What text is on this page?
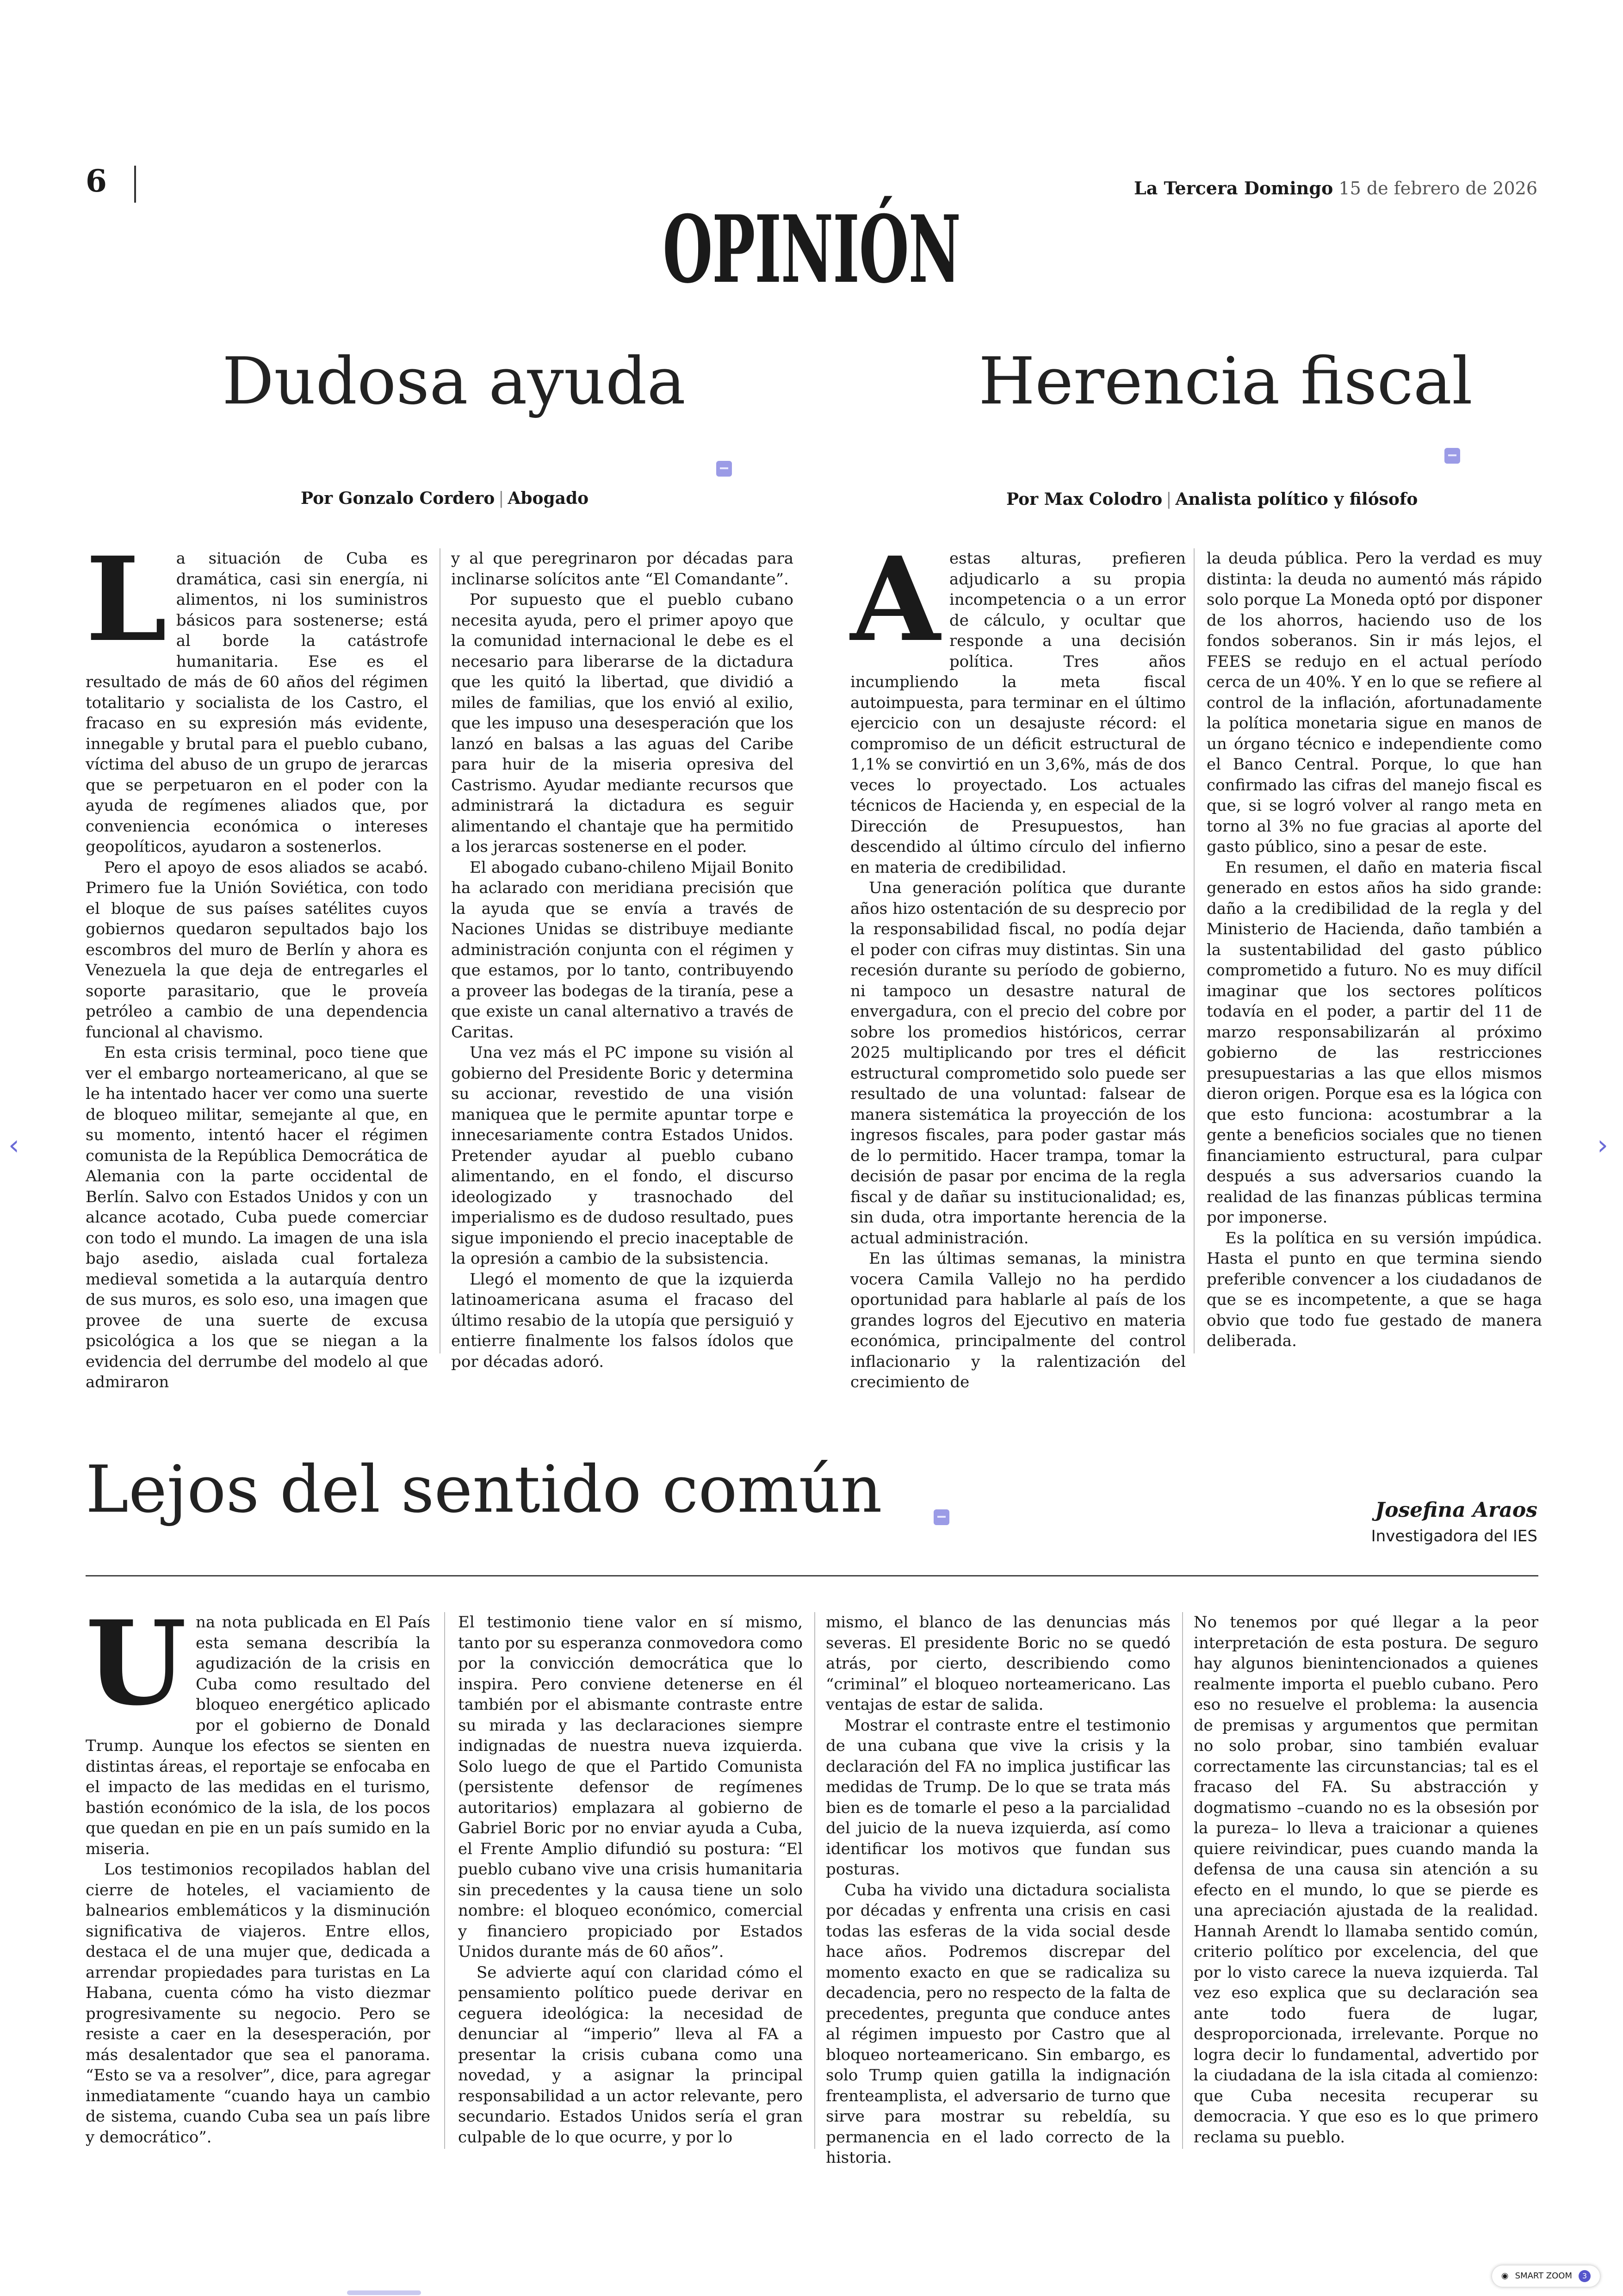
6	La Tercera Domingo 15 de febrero de 2026
OPINIÓN
Dudosa ayuda
Por Gonzalo Cordero | Abogado
L a situación de Cuba es dramática, casi sin energía, ni alimentos, ni los suministros básicos para sostenerse; está al borde la catástrofe humanitaria. Ese es el resultado de más de 60 años del régimen totalitario y socialista de los Castro, el fracaso en su expresión más evidente, innegable y brutal para el pueblo cubano, víctima del abuso de un grupo de jerarcas que se perpetuaron en el poder con la ayuda de regímenes aliados que, por conveniencia económica o intereses geopolíticos, ayudaron a sostenerlos.

Pero el apoyo de esos aliados se acabó. Primero fue la Unión Soviética, con todo el bloque de sus países satélites cuyos gobiernos quedaron sepultados bajo los escombros del muro de Berlín y ahora es Venezuela la que deja de entregarles el soporte parasitario, que le proveía petróleo a cambio de una dependencia funcional al chavismo.

En esta crisis terminal, poco tiene que ver el embargo norteamericano, al que se le ha intentado hacer ver como una suerte de bloqueo militar, semejante al que, en su momento, intentó hacer el régimen comunista de la República Democrática de Alemania con la parte occidental de Berlín. Salvo con Estados Unidos y con un alcance acotado, Cuba puede comerciar con todo el mundo. La imagen de una isla bajo asedio, aislada cual fortaleza medieval sometida a la autarquía dentro de sus muros, es solo eso, una imagen que provee de una suerte de excusa psicológica a los que se niegan a la evidencia del derrumbe del modelo al que admiraron

y al que peregrinaron por décadas para inclinarse solícitos ante “El Comandante”.

Por supuesto que el pueblo cubano necesita ayuda, pero el primer apoyo que la comunidad internacional le debe es el necesario para liberarse de la dictadura que les quitó la libertad, que dividió a miles de familias, que los envió al exilio, que les impuso una desesperación que los lanzó en balsas a las aguas del Caribe para huir de la miseria opresiva del Castrismo. Ayudar mediante recursos que administrará la dictadura es seguir alimentando el chantaje que ha permitido a los jerarcas sostenerse en el poder.

El abogado cubano-chileno Mijail Bonito ha aclarado con meridiana precisión que la ayuda que se envía a través de Naciones Unidas se distribuye mediante administración conjunta con el régimen y que estamos, por lo tanto, contribuyendo a proveer las bodegas de la tiranía, pese a que existe un canal alternativo a través de Caritas.

Una vez más el PC impone su visión al gobierno del Presidente Boric y determina su accionar, revestido de una visión maniquea que le permite apuntar torpe e innecesariamente contra Estados Unidos. Pretender ayudar al pueblo cubano alimentando, en el fondo, el discurso ideologizado y trasnochado del imperialismo es de dudoso resultado, pues sigue imponiendo el precio inaceptable de la opresión a cambio de la subsistencia.

Llegó el momento de que la izquierda latinoamericana asuma el fracaso del último resabio de la utopía que persiguió y entierre finalmente los falsos ídolos que por décadas adoró.

Herencia fiscal
Por Max Colodro | Analista político y filósofo
A estas alturas, prefieren adjudicarlo a su propia incompetencia o a un error de cálculo, y ocultar que responde a una decisión política. Tres años incumpliendo la meta fiscal autoimpuesta, para terminar en el último ejercicio con un desajuste récord: el compromiso de un déficit estructural de 1,1% se convirtió en un 3,6%, más de dos veces lo proyectado. Los actuales técnicos de Hacienda y, en especial de la Dirección de Presupuestos, han descendido al último círculo del infierno en materia de credibilidad.

Una generación política que durante años hizo ostentación de su desprecio por la responsabilidad fiscal, no podía dejar el poder con cifras muy distintas. Sin una recesión durante su período de gobierno, ni tampoco un desastre natural de envergadura, con el precio del cobre por sobre los promedios históricos, cerrar 2025 multiplicando por tres el déficit estructural comprometido solo puede ser resultado de una voluntad: falsear de manera sistemática la proyección de los ingresos fiscales, para poder gastar más de lo permitido. Hacer trampa, tomar la decisión de pasar por encima de la regla fiscal y de dañar su institucionalidad; es, sin duda, otra importante herencia de la actual administración.

En las últimas semanas, la ministra vocera Camila Vallejo no ha perdido oportunidad para hablarle al país de los grandes logros del Ejecutivo en materia económica, principalmente del control inflacionario y la ralentización del crecimiento de

la deuda pública. Pero la verdad es muy distinta: la deuda no aumentó más rápido solo porque La Moneda optó por disponer de los ahorros, haciendo uso de los fondos soberanos. Sin ir más lejos, el FEES se redujo en el actual período cerca de un 40%. Y en lo que se refiere al control de la inflación, afortunadamente la política monetaria sigue en manos de un órgano técnico e independiente como el Banco Central. Porque, lo que han confirmado las cifras del manejo fiscal es que, si se logró volver al rango meta en torno al 3% no fue gracias al aporte del gasto público, sino a pesar de este.

En resumen, el daño en materia fiscal generado en estos años ha sido grande: daño a la credibilidad de la regla y del Ministerio de Hacienda, daño también a la sustentabilidad del gasto público comprometido a futuro. No es muy difícil imaginar que los sectores políticos todavía en el poder, a partir del 11 de marzo responsabilizarán al próximo gobierno de las restricciones presupuestarias a las que ellos mismos dieron origen. Porque esa es la lógica con que esto funciona: acostumbrar a la gente a beneficios sociales que no tienen financiamiento estructural, para culpar después a sus adversarios cuando la realidad de las finanzas públicas termina por imponerse.

Es la política en su versión impúdica. Hasta el punto en que termina siendo preferible convencer a los ciudadanos de que se es incompetente, a que se haga obvio que todo fue gestado de manera deliberada.

Lejos del sentido común	Josefina Araos
Investigadora del IES
U na nota publicada en El País esta semana describía la agudización de la crisis en Cuba como resultado del bloqueo energético aplicado por el gobierno de Donald Trump. Aunque los efectos se sienten en distintas áreas, el reportaje se enfocaba en el impacto de las medidas en el turismo, bastión económico de la isla, de los pocos que quedan en pie en un país sumido en la miseria.

Los testimonios recopilados hablan del cierre de hoteles, el vaciamiento de balnearios emblemáticos y la disminución significativa de viajeros. Entre ellos, destaca el de una mujer que, dedicada a arrendar propiedades para turistas en La Habana, cuenta cómo ha visto diezmar progresivamente su negocio. Pero se resiste a caer en la desesperación, por más desalentador que sea el panorama. “Esto se va a resolver”, dice, para agregar inmediatamente “cuando haya un cambio de sistema, cuando Cuba sea un país libre y democrático”.

El testimonio tiene valor en sí mismo, tanto por su esperanza conmovedora como por la convicción democrática que lo inspira. Pero conviene detenerse en él también por el abismante contraste entre su mirada y las declaraciones siempre indignadas de nuestra nueva izquierda. Solo luego de que el Partido Comunista (persistente defensor de regímenes autoritarios) emplazara al gobierno de Gabriel Boric por no enviar ayuda a Cuba, el Frente Amplio difundió su postura: “El pueblo cubano vive una crisis humanitaria sin precedentes y la causa tiene un solo nombre: el bloqueo económico, comercial y financiero propiciado por Estados Unidos durante más de 60 años”.

Se advierte aquí con claridad cómo el pensamiento político puede derivar en ceguera ideológica: la necesidad de denunciar al “imperio” lleva al FA a presentar la crisis cubana como una novedad, y a asignar la principal responsabilidad a un actor relevante, pero secundario. Estados Unidos sería el gran culpable de lo que ocurre, y por lo

mismo, el blanco de las denuncias más severas. El presidente Boric no se quedó atrás, por cierto, describiendo como “criminal” el bloqueo norteamericano. Las ventajas de estar de salida.

Mostrar el contraste entre el testimonio de una cubana que vive la crisis y la declaración del FA no implica justificar las medidas de Trump. De lo que se trata más bien es de tomarle el peso a la parcialidad del juicio de la nueva izquierda, así como identificar los motivos que fundan sus posturas.

Cuba ha vivido una dictadura socialista por décadas y enfrenta una crisis en casi todas las esferas de la vida social desde hace años. Podremos discrepar del momento exacto en que se radicaliza su decadencia, pero no respecto de la falta de precedentes, pregunta que conduce antes al régimen impuesto por Castro que al bloqueo norteamericano. Sin embargo, es solo Trump quien gatilla la indignación frenteamplista, el adversario de turno que sirve para mostrar su rebeldía, su permanencia en el lado correcto de la historia.

No tenemos por qué llegar a la peor interpretación de esta postura. De seguro hay algunos bienintencionados a quienes realmente importa el pueblo cubano. Pero eso no resuelve el problema: la ausencia de premisas y argumentos que permitan no solo probar, sino también evaluar correctamente las circunstancias; tal es el fracaso del FA. Su abstracción y dogmatismo –cuando no es la obsesión por la pureza– lo lleva a traicionar a quienes quiere reivindicar, pues cuando manda la defensa de una causa sin atención a su efecto en el mundo, lo que se pierde es una apreciación ajustada de la realidad. Hannah Arendt lo llamaba sentido común, criterio político por excelencia, del que por lo visto carece la nueva izquierda. Tal vez eso explica que su declaración sea ante todo fuera de lugar, desproporcionada, irrelevante. Porque no logra decir lo fundamental, advertido por la ciudadana de la isla citada al comienzo: que Cuba necesita recuperar su democracia. Y que eso es lo que primero reclama su pueblo.

‹	›
◉ SMART ZOOM	3
